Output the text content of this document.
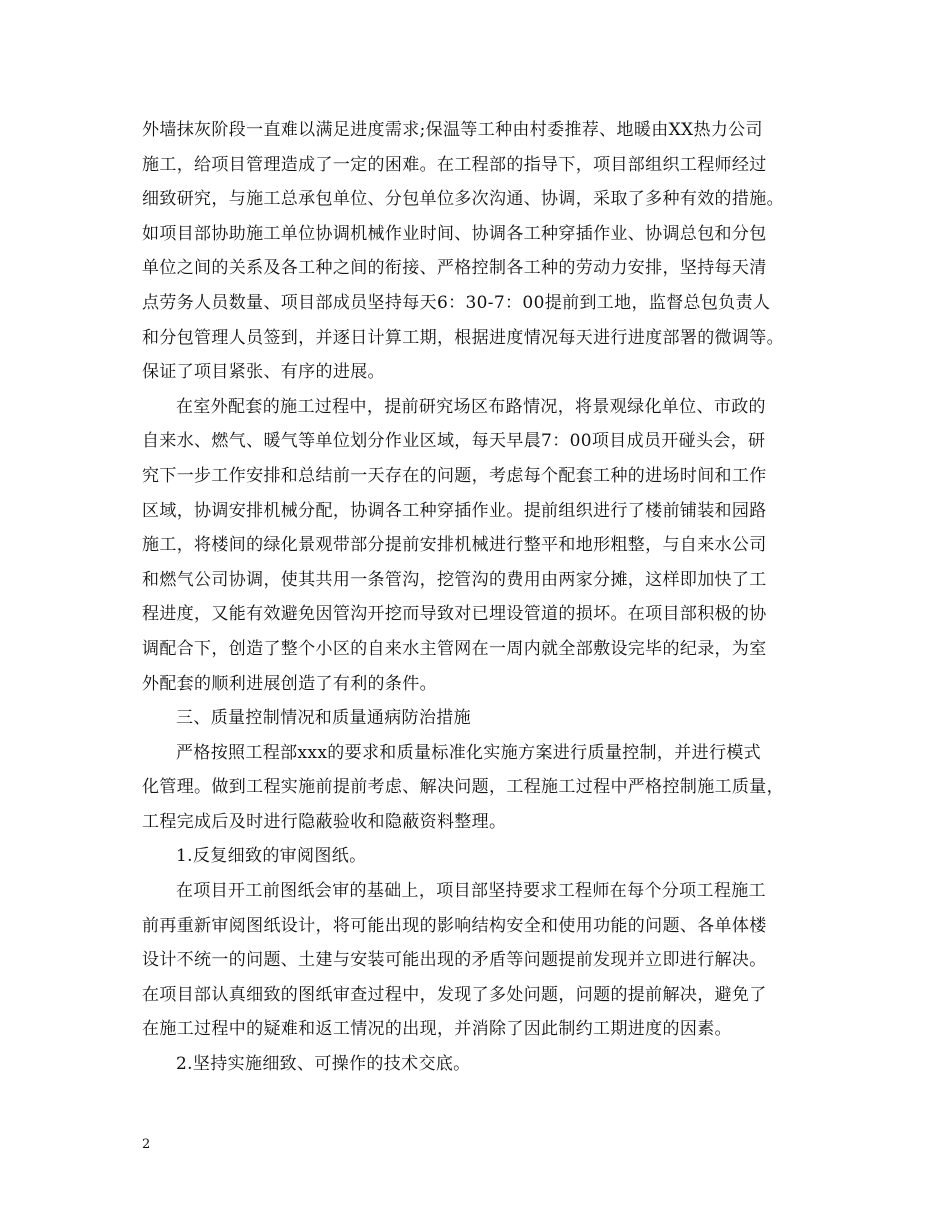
外墙抹灰阶段一直难以满足进度需求;保温等工种由村委推荐、地暖由XX热力公司
施工，给项目管理造成了一定的困难。在工程部的指导下，项目部组织工程师经过
细致研究，与施工总承包单位、分包单位多次沟通、协调，采取了多种有效的措施。
如项目部协助施工单位协调机械作业时间、协调各工种穿插作业、协调总包和分包
单位之间的关系及各工种之间的衔接、严格控制各工种的劳动力安排，坚持每天清
点劳务人员数量、项目部成员坚持每天6：30-7：00提前到工地，监督总包负责人
和分包管理人员签到，并逐日计算工期，根据进度情况每天进行进度部署的微调等。
保证了项目紧张、有序的进展。
在室外配套的施工过程中，提前研究场区布路情况，将景观绿化单位、市政的
自来水、燃气、暖气等单位划分作业区域，每天早晨7：00项目成员开碰头会，研
究下一步工作安排和总结前一天存在的问题，考虑每个配套工种的进场时间和工作
区域，协调安排机械分配，协调各工种穿插作业。提前组织进行了楼前铺装和园路
施工，将楼间的绿化景观带部分提前安排机械进行整平和地形粗整，与自来水公司
和燃气公司协调，使其共用一条管沟，挖管沟的费用由两家分摊，这样即加快了工
程进度，又能有效避免因管沟开挖而导致对已埋设管道的损坏。在项目部积极的协
调配合下，创造了整个小区的自来水主管网在一周内就全部敷设完毕的纪录，为室
外配套的顺利进展创造了有利的条件。
三、质量控制情况和质量通病防治措施
严格按照工程部xxx的要求和质量标准化实施方案进行质量控制，并进行模式
化管理。做到工程实施前提前考虑、解决问题，工程施工过程中严格控制施工质量，
工程完成后及时进行隐蔽验收和隐蔽资料整理。
1.反复细致的审阅图纸。
在项目开工前图纸会审的基础上，项目部坚持要求工程师在每个分项工程施工
前再重新审阅图纸设计，将可能出现的影响结构安全和使用功能的问题、各单体楼
设计不统一的问题、土建与安装可能出现的矛盾等问题提前发现并立即进行解决。
在项目部认真细致的图纸审查过程中，发现了多处问题，问题的提前解决，避免了
在施工过程中的疑难和返工情况的出现，并消除了因此制约工期进度的因素。
2.坚持实施细致、可操作的技术交底。
2
